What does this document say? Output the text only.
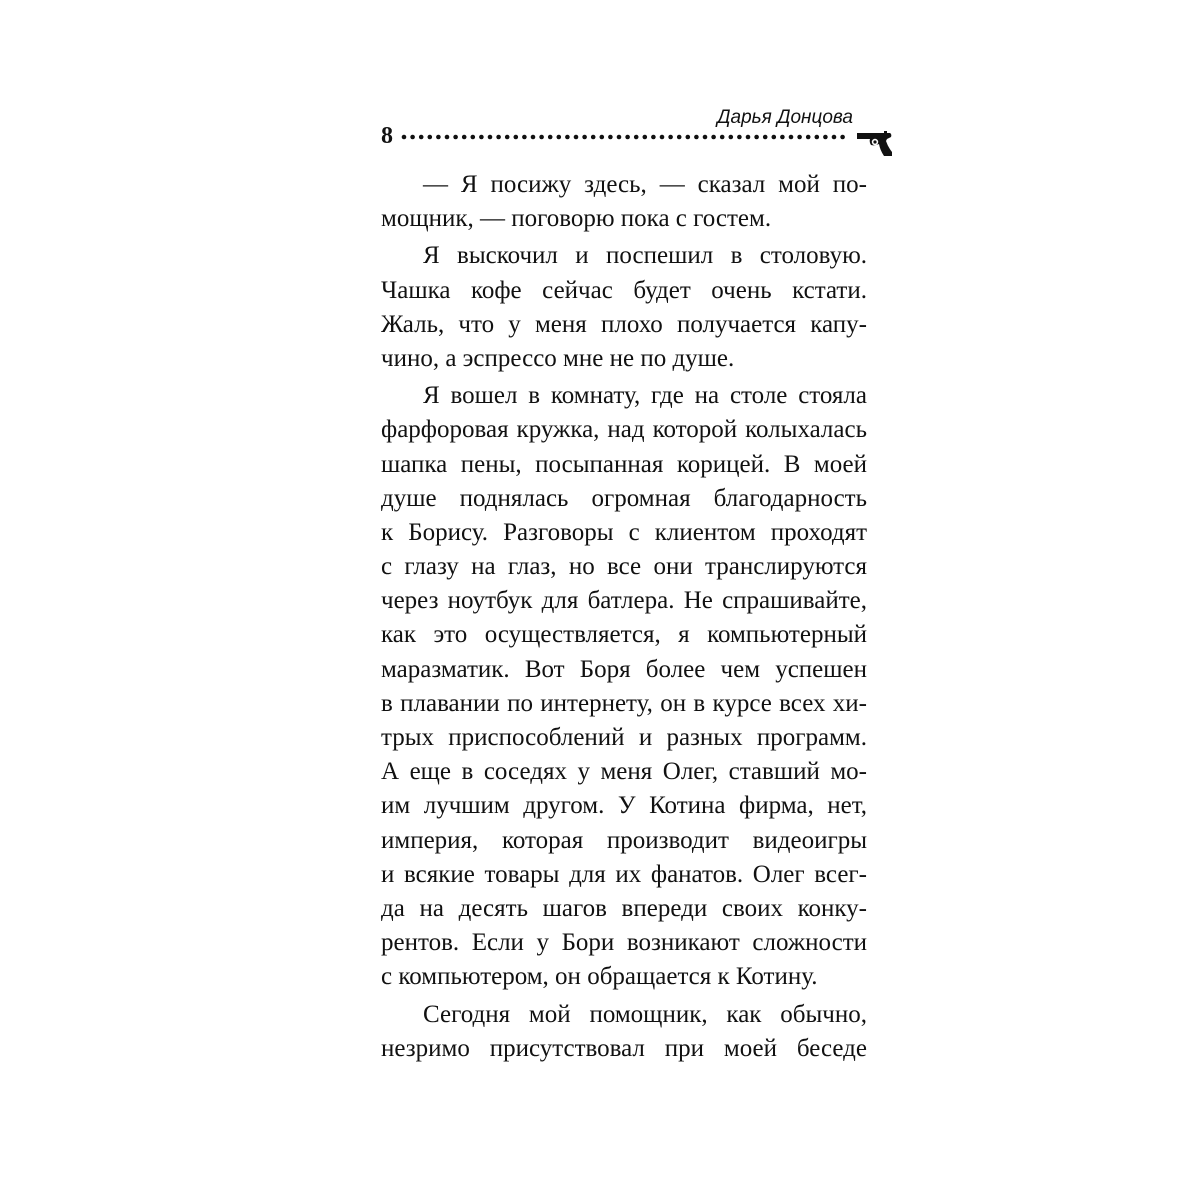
8
Дарья Донцова
— Я посижу здесь, — сказал мой по-
мощник, — поговорю пока с гостем.
Я выскочил и поспешил в столовую.
Чашка кофе сейчас будет очень кстати.
Жаль, что у меня плохо получается капу-
чино, а эспрессо мне не по душе.
Я вошел в комнату, где на столе стояла
фарфоровая кружка, над которой колыхалась
шапка пены, посыпанная корицей. В моей
душе поднялась огромная благодарность
к Борису. Разговоры с клиентом проходят
с глазу на глаз, но все они транслируются
через ноутбук для батлера. Не спрашивайте,
как это осуществляется, я компьютерный
маразматик. Вот Боря более чем успешен
в плавании по интернету, он в курсе всех хи-
трых приспособлений и разных программ.
А еще в соседях у меня Олег, ставший мо-
им лучшим другом. У Котина фирма, нет,
империя, которая производит видеоигры
и всякие товары для их фанатов. Олег всег-
да на десять шагов впереди своих конку-
рентов. Если у Бори возникают сложности
с компьютером, он обращается к Котину.
Сегодня мой помощник, как обычно,
незримо присутствовал при моей беседе
